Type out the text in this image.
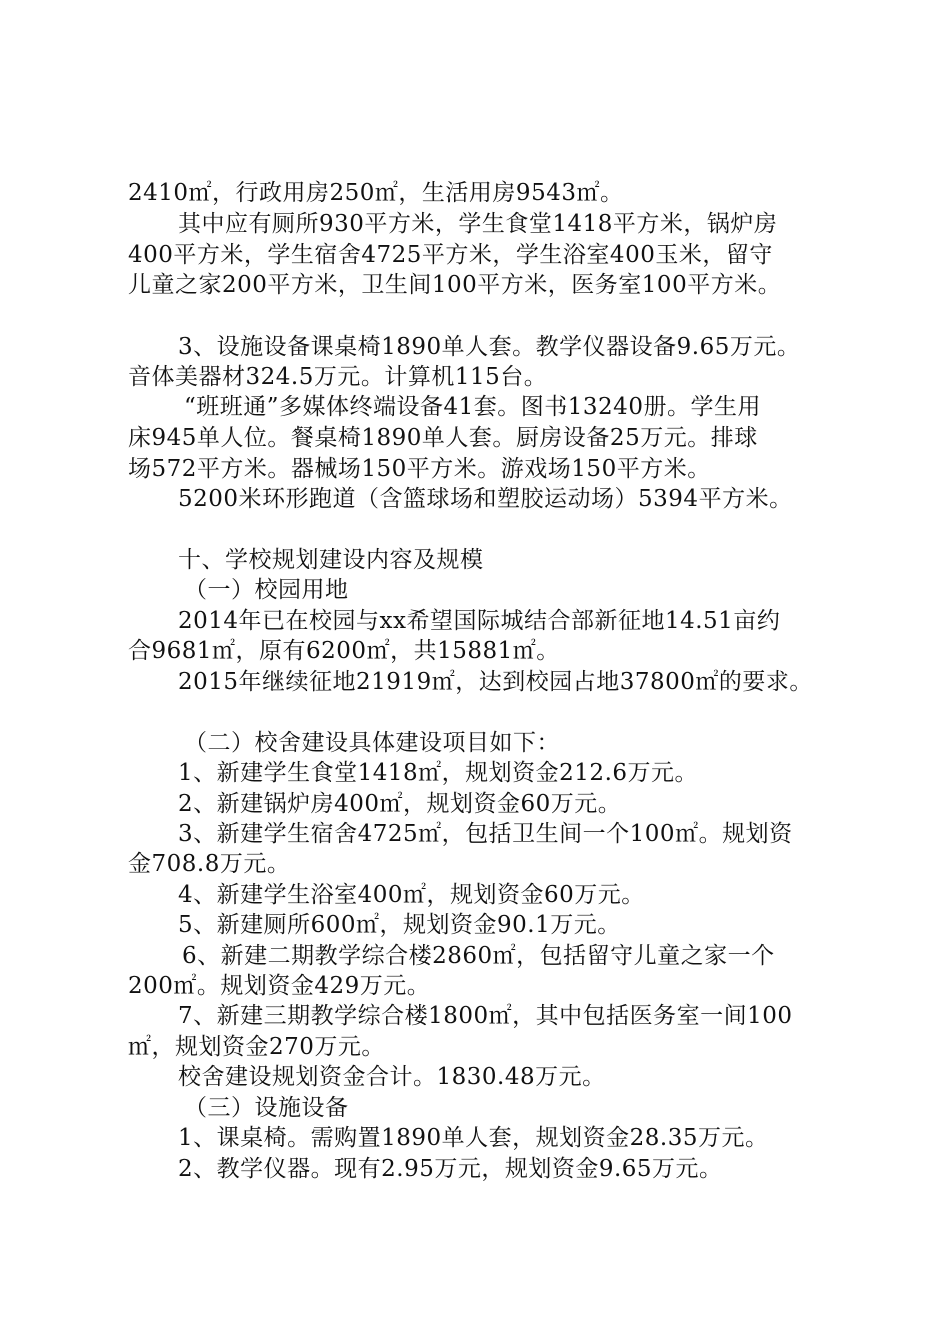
2410㎡，行政用房250㎡，生活用房9543㎡。
其中应有厕所930平方米，学生食堂1418平方米，锅炉房
400平方米，学生宿舍4725平方米，学生浴室400玉米，留守
儿童之家200平方米，卫生间100平方米，医务室100平方米。
3、设施设备课桌椅1890单人套。教学仪器设备9.65万元。
音体美器材324.5万元。计算机115台。
“班班通”多媒体终端设备41套。图书13240册。学生用
床945单人位。餐桌椅1890单人套。厨房设备25万元。排球
场572平方米。器械场150平方米。游戏场150平方米。
5200米环形跑道（含篮球场和塑胶运动场）5394平方米。
十、学校规划建设内容及规模
（一）校园用地
2014年已在校园与xx希望国际城结合部新征地14.51亩约
合9681㎡，原有6200㎡，共15881㎡。
2015年继续征地21919㎡，达到校园占地37800㎡的要求。
（二）校舍建设具体建设项目如下：
1、新建学生食堂1418㎡，规划资金212.6万元。
2、新建锅炉房400㎡，规划资金60万元。
3、新建学生宿舍4725㎡，包括卫生间一个100㎡。规划资
金708.8万元。
4、新建学生浴室400㎡，规划资金60万元。
5、新建厕所600㎡，规划资金90.1万元。
6、新建二期教学综合楼2860㎡，包括留守儿童之家一个
200㎡。规划资金429万元。
7、新建三期教学综合楼1800㎡，其中包括医务室一间100
㎡，规划资金270万元。
校舍建设规划资金合计。1830.48万元。
（三）设施设备
1、课桌椅。需购置1890单人套，规划资金28.35万元。
2、教学仪器。现有2.95万元，规划资金9.65万元。
